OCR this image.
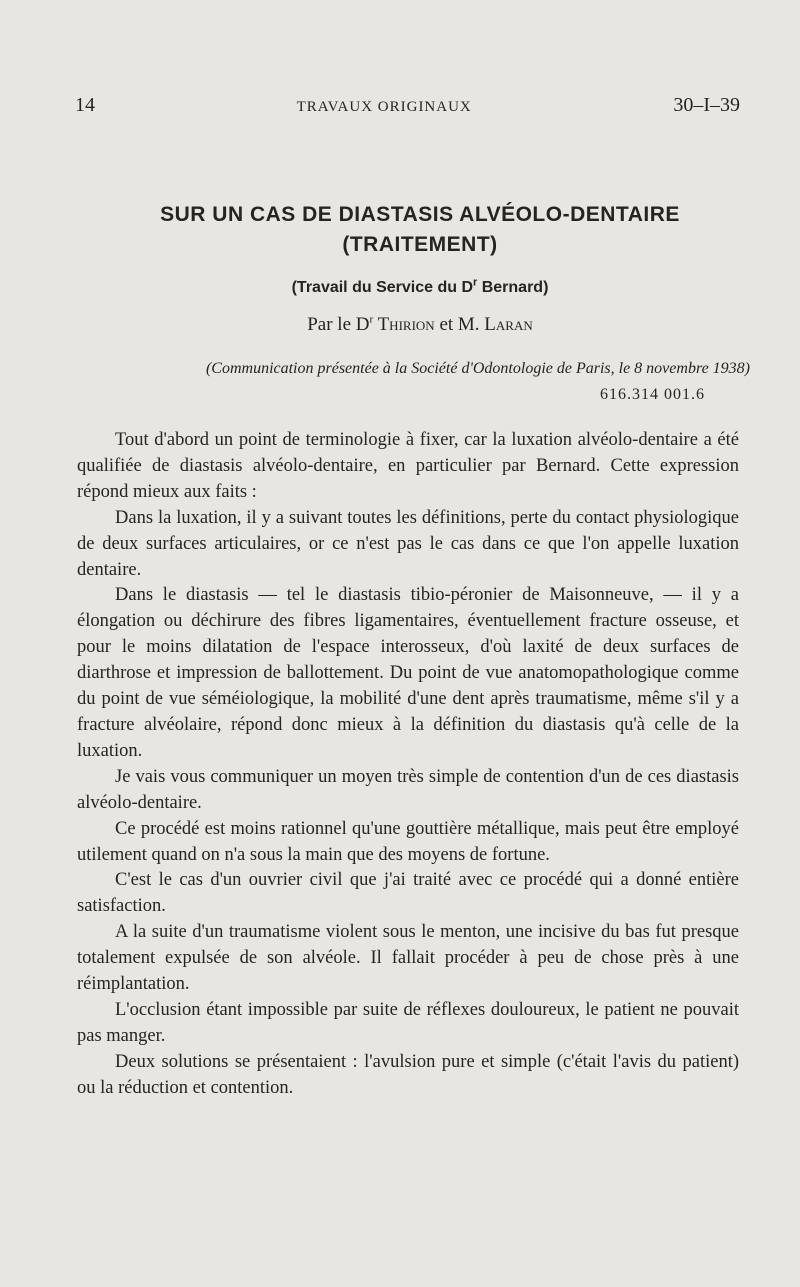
14	TRAVAUX ORIGINAUX	30–I–39
SUR UN CAS DE DIASTASIS ALVÉOLO-DENTAIRE
(TRAITEMENT)
(Travail du Service du $D^r$ Bernard)
Par le $D^r$ Thirion et M. Laran
(Communication présentée à la Société d'Odontologie de Paris, le 8 novembre 1938)
616.314 001.6

Tout d'abord un point de terminologie à fixer, car la luxation alvéolo-dentaire a été qualifiée de diastasis alvéolo-dentaire, en particulier par Bernard. Cette expression répond mieux aux faits :

Dans la luxation, il y a suivant toutes les définitions, perte du contact physiologique de deux surfaces articulaires, or ce n'est pas le cas dans ce que l'on appelle luxation dentaire.

Dans le diastasis — tel le diastasis tibio-péronier de Maisonneuve, — il y a élongation ou déchirure des fibres ligamentaires, éventuellement fracture osseuse, et pour le moins dilatation de l'espace interosseux, d'où laxité de deux surfaces de diarthrose et impression de ballottement. Du point de vue anatomopathologique comme du point de vue séméiologique, la mobilité d'une dent après traumatisme, même s'il y a fracture alvéolaire, répond donc mieux à la définition du diastasis qu'à celle de la luxation.

Je vais vous communiquer un moyen très simple de contention d'un de ces diastasis alvéolo-dentaire.

Ce procédé est moins rationnel qu'une gouttière métallique, mais peut être employé utilement quand on n'a sous la main que des moyens de fortune.

C'est le cas d'un ouvrier civil que j'ai traité avec ce procédé qui a donné entière satisfaction.

A la suite d'un traumatisme violent sous le menton, une incisive du bas fut presque totalement expulsée de son alvéole. Il fallait procéder à peu de chose près à une réimplantation.

L'occlusion étant impossible par suite de réflexes douloureux, le patient ne pouvait pas manger.

Deux solutions se présentaient : l'avulsion pure et simple (c'était l'avis du patient) ou la réduction et contention.
